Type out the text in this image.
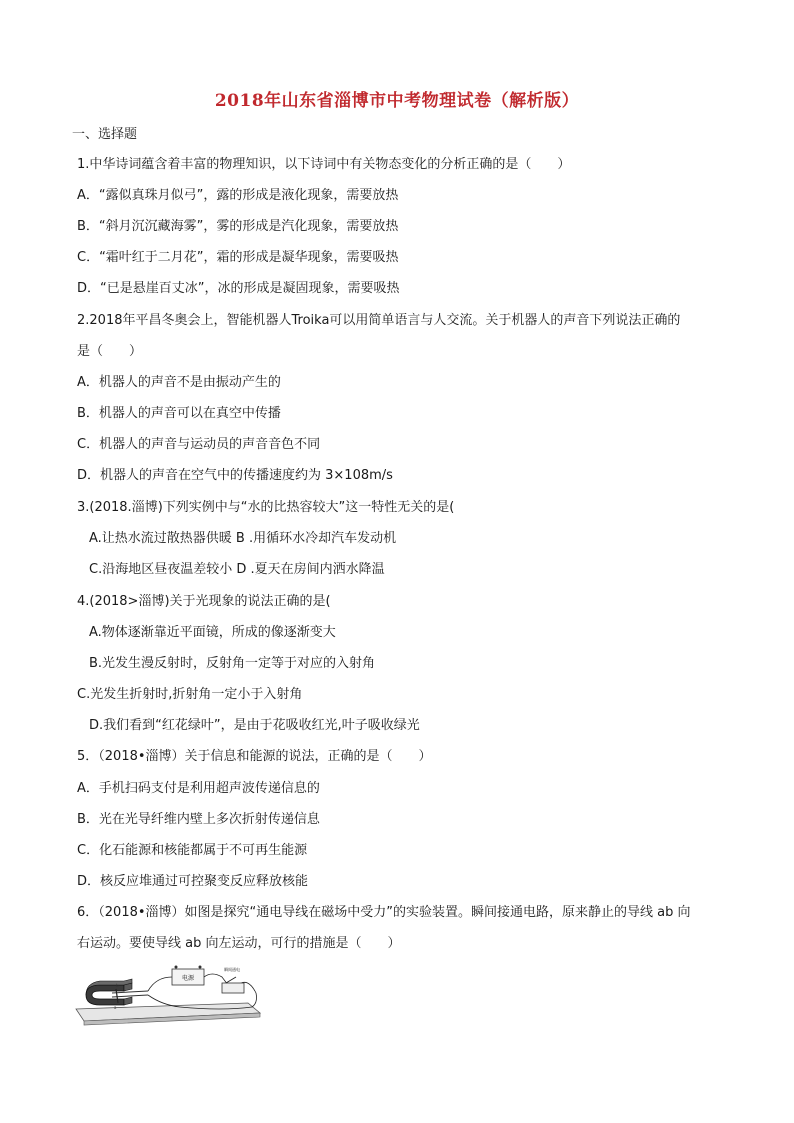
2018年山东省淄博市中考物理试卷（解析版）
一、选择题
1.中华诗词蕴含着丰富的物理知识，以下诗词中有关物态变化的分析正确的是（　　）
A．“露似真珠月似弓”，露的形成是液化现象，需要放热
B．“斜月沉沉藏海雾”，雾的形成是汽化现象，需要放热
C．“霜叶红于二月花”，霜的形成是凝华现象，需要吸热
D．“已是悬崖百丈冰”，冰的形成是凝固现象，需要吸热
2.2018年平昌冬奥会上，智能机器人Troika可以用简单语言与人交流。关于机器人的声音下列说法正确的
是（　　）
A．机器人的声音不是由振动产生的
B．机器人的声音可以在真空中传播
C．机器人的声音与运动员的声音音色不同
D．机器人的声音在空气中的传播速度约为 3×108m/s
3.(2018.淄博)下列实例中与“水的比热容较大”这一特性无关的是(
A.让热水流过散热器供暖 B .用循环水冷却汽车发动机
C.沿海地区昼夜温差较小 D .夏天在房间内洒水降温
4.(2018>淄博)关于光现象的说法正确的是(
A.物体逐渐靠近平面镜，所成的像逐渐变大
B.光发生漫反射时，反射角一定等于对应的入射角
C.光发生折射时,折射角一定小于入射角
D.我们看到“红花绿叶”，是由于花吸收红光,叶子吸收绿光
5．（2018•淄博）关于信息和能源的说法，正确的是（　　）
A．手机扫码支付是利用超声波传递信息的
B．光在光导纤维内壁上多次折射传递信息
C．化石能源和核能都属于不可再生能源
D．核反应堆通过可控聚变反应释放核能
6．（2018•淄博）如图是探究“通电导线在磁场中受力”的实验装置。瞬间接通电路，原来静止的导线 ab 向
右运动。要使导线 ab 向左运动，可行的措施是（　　）
a
b
电源
瞬间通电
